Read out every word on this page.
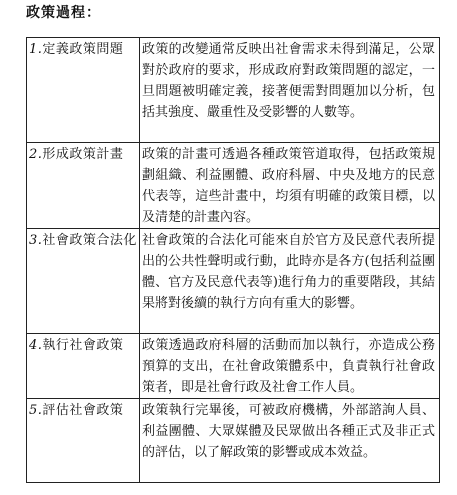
政策過程：
1.定義政策問題	政策的改變通常反映出社會需求未得到滿足，公眾對於政府的要求，形成政府對政策問題的認定，一旦問題被明確定義，接著便需對問題加以分析，包括其強度、嚴重性及受影響的人數等。
2.形成政策計畫	政策的計畫可透過各種政策管道取得，包括政策規劃組織、利益團體、政府科層、中央及地方的民意代表等，這些計畫中，均須有明確的政策目標，以及清楚的計畫內容。
3.社會政策合法化	社會政策的合法化可能來自於官方及民意代表所提出的公共性聲明或行動，此時亦是各方(包括利益團體、官方及民意代表等)進行角力的重要階段，其結果將對後續的執行方向有重大的影響。
4.執行社會政策	政策透過政府科層的活動而加以執行，亦造成公務預算的支出，在社會政策體系中，負責執行社會政策者，即是社會行政及社會工作人員。
5.評估社會政策	政策執行完畢後，可被政府機構，外部諮詢人員、利益團體、大眾媒體及民眾做出各種正式及非正式的評估，以了解政策的影響或成本效益。
